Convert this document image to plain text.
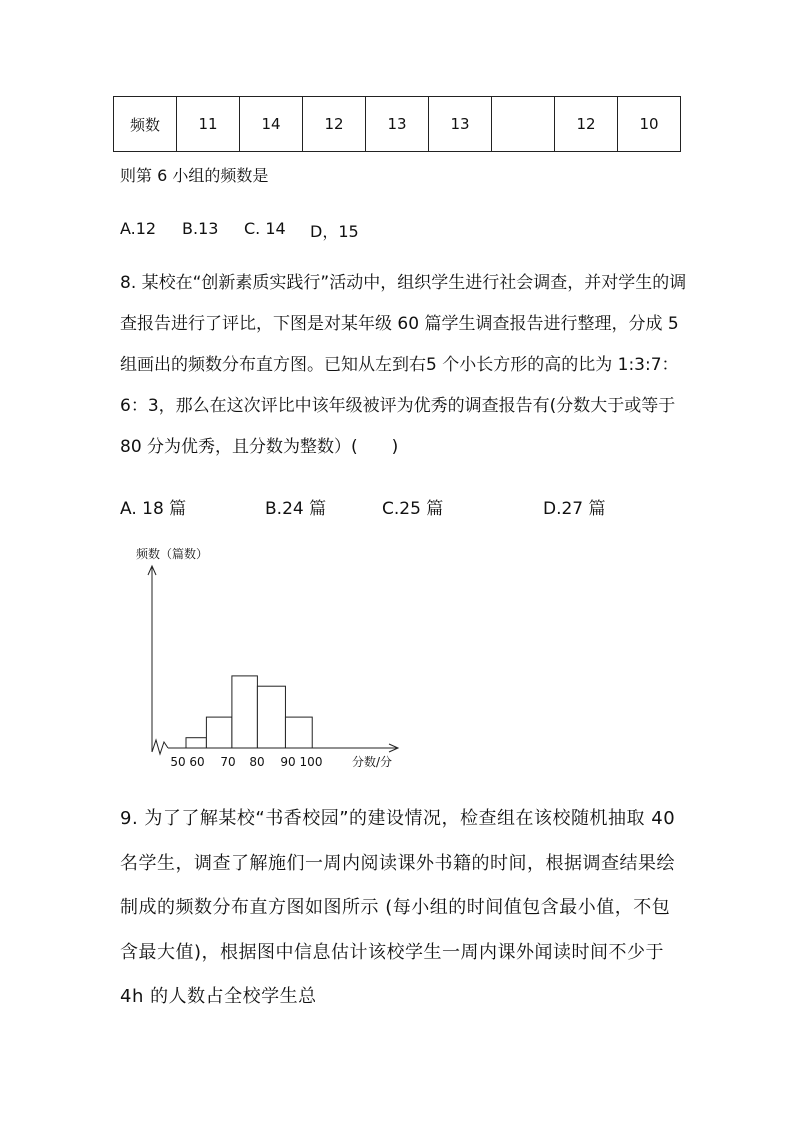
频数	11	14	12	13	13		12	10
则第 6 小组的频数是
A.12 B.13 C. 14 D，15
8. 某校在“创新素质实践行”活动中，组织学生进行社会调查，并对学生的调查报告进行了评比，下图是对某年级 60 篇学生调查报告进行整理，分成 5 组画出的频数分布直方图。已知从左到右5 个小长方形的高的比为 1:3:7：6：3，那么在这次评比中该年级被评为优秀的调查报告有(分数大于或等于 80 分为优秀，且分数为整数）(　　)
A. 18 篇	B.24 篇	C.25 篇	D.27 篇
50 60 70 80 90 100
频数（篇数）
分数/分
9. 为了了解某校“书香校园”的建设情况，检查组在该校随机抽取 40 名学生，调查了解施们一周内阅读课外书籍的时间，根据调查结果绘制成的频数分布直方图如图所示 (每小组的时间值包含最小值，不包含最大值)，根据图中信息估计该校学生一周内课外闻读时间不少于 4h 的人数占全校学生总
